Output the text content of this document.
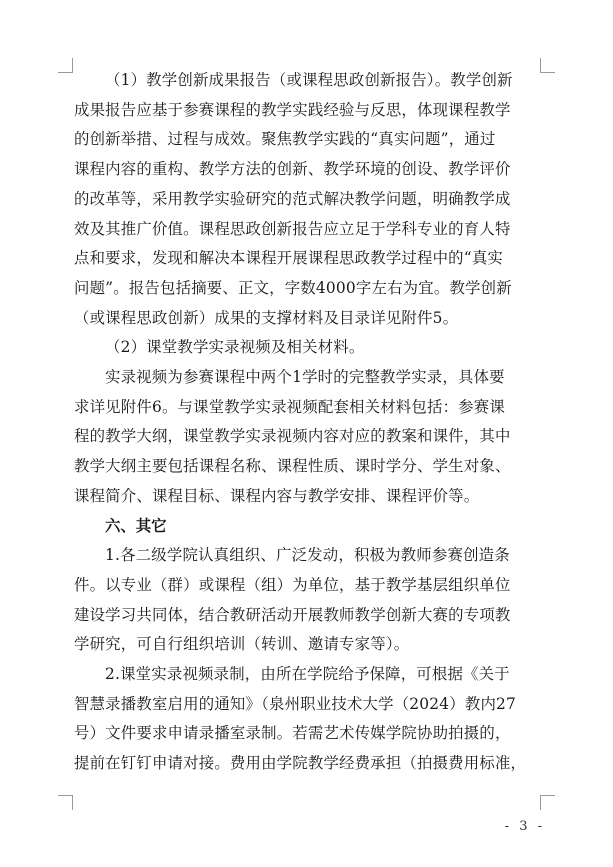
（1）教学创新成果报告（或课程思政创新报告）。教学创新
成果报告应基于参赛课程的教学实践经验与反思，体现课程教学
的创新举措、过程与成效。聚焦教学实践的“真实问题”，通过
课程内容的重构、教学方法的创新、教学环境的创设、教学评价
的改革等，采用教学实验研究的范式解决教学问题，明确教学成
效及其推广价值。课程思政创新报告应立足于学科专业的育人特
点和要求，发现和解决本课程开展课程思政教学过程中的“真实
问题”。报告包括摘要、正文，字数4000字左右为宜。教学创新
（或课程思政创新）成果的支撑材料及目录详见附件5。

（2）课堂教学实录视频及相关材料。

实录视频为参赛课程中两个1学时的完整教学实录，具体要
求详见附件6。与课堂教学实录视频配套相关材料包括：参赛课
程的教学大纲，课堂教学实录视频内容对应的教案和课件，其中
教学大纲主要包括课程名称、课程性质、课时学分、学生对象、
课程简介、课程目标、课程内容与教学安排、课程评价等。

六、其它

1.各二级学院认真组织、广泛发动，积极为教师参赛创造条
件。以专业（群）或课程（组）为单位，基于教学基层组织单位
建设学习共同体，结合教研活动开展教师教学创新大赛的专项教
学研究，可自行组织培训（转训、邀请专家等）。

2.课堂实录视频录制，由所在学院给予保障，可根据《关于
智慧录播教室启用的通知》（泉州职业技术大学（2024）教内27
号）文件要求申请录播室录制。若需艺术传媒学院协助拍摄的，
提前在钉钉申请对接。费用由学院教学经费承担（拍摄费用标准，

- 3 -
